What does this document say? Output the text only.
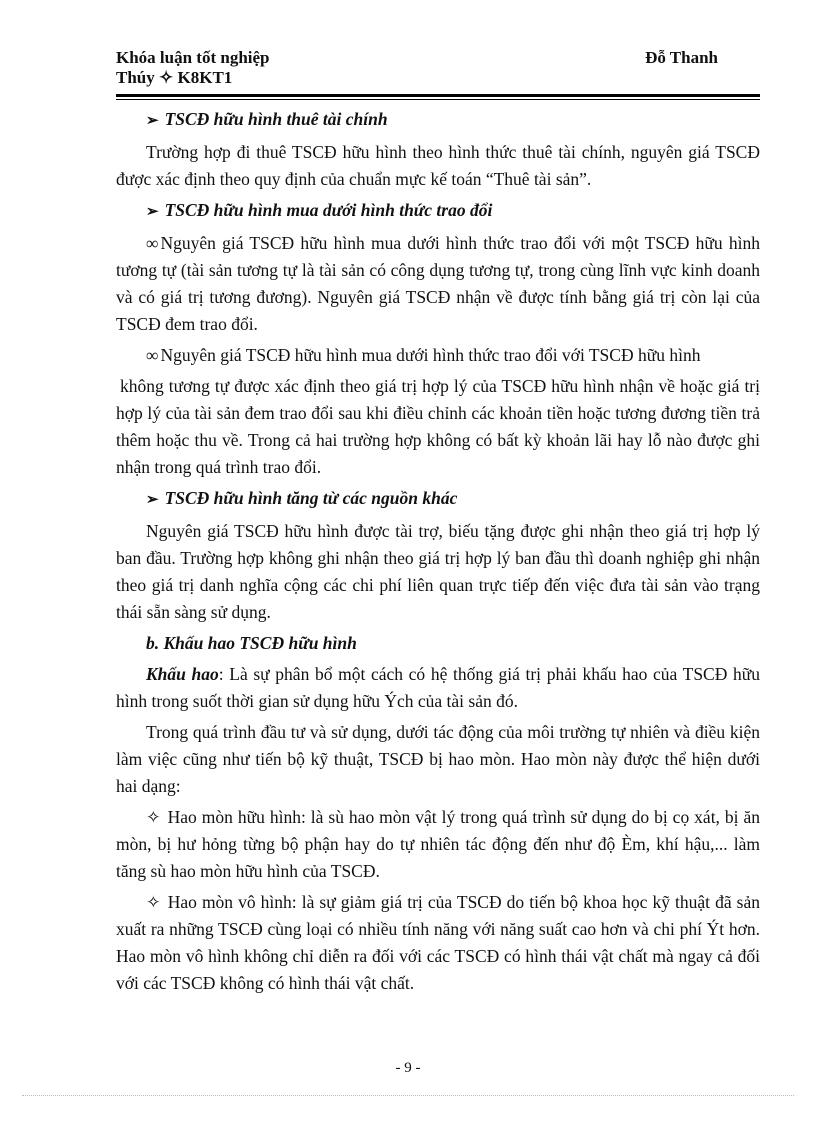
Khóa luận tốt nghiệp	Đỗ Thanh
Thúy ✧ K8KT1

➢ TSCĐ hữu hình thuê tài chính

Trường hợp đi thuê TSCĐ hữu hình theo hình thức thuê tài chính, nguyên giá TSCĐ được xác định theo quy định của chuẩn mực kế toán “Thuê tài sản”.

➢ TSCĐ hữu hình mua dưới hình thức trao đổi

∞ Nguyên giá TSCĐ hữu hình mua dưới hình thức trao đổi với một TSCĐ hữu hình tương tự (tài sản tương tự là tài sản có công dụng tương tự, trong cùng lĩnh vực kinh doanh và có giá trị tương đương). Nguyên giá TSCĐ nhận về được tính bằng giá trị còn lại của TSCĐ đem trao đổi.

∞ Nguyên giá TSCĐ hữu hình mua dưới hình thức trao đổi với TSCĐ hữu hình

không tương tự được xác định theo giá trị hợp lý của TSCĐ hữu hình nhận về hoặc giá trị hợp lý của tài sản đem trao đổi sau khi điều chỉnh các khoản tiền hoặc tương đương tiền trả thêm hoặc thu về. Trong cả hai trường hợp không có bất kỳ khoản lãi hay lỗ nào được ghi nhận trong quá trình trao đổi.

➢ TSCĐ hữu hình tăng từ các nguồn khác

Nguyên giá TSCĐ hữu hình được tài trợ, biếu tặng được ghi nhận theo giá trị hợp lý ban đầu. Trường hợp không ghi nhận theo giá trị hợp lý ban đầu thì doanh nghiệp ghi nhận theo giá trị danh nghĩa cộng các chi phí liên quan trực tiếp đến việc đưa tài sản vào trạng thái sẵn sàng sử dụng.

b. Khấu hao TSCĐ hữu hình

Khấu hao: Là sự phân bổ một cách có hệ thống giá trị phải khấu hao của TSCĐ hữu hình trong suốt thời gian sử dụng hữu Ých của tài sản đó.

Trong quá trình đầu tư và sử dụng, dưới tác động của môi trường tự nhiên và điều kiện làm việc cũng như tiến bộ kỹ thuật, TSCĐ bị hao mòn. Hao mòn này được thể hiện dưới hai dạng:

✧ Hao mòn hữu hình: là sù hao mòn vật lý trong quá trình sử dụng do bị cọ xát, bị ăn mòn, bị hư hỏng từng bộ phận hay do tự nhiên tác động đến như độ Èm, khí hậu,... làm tăng sù hao mòn hữu hình của TSCĐ.

✧ Hao mòn vô hình: là sự giảm giá trị của TSCĐ do tiến bộ khoa học kỹ thuật đã sản xuất ra những TSCĐ cùng loại có nhiều tính năng với năng suất cao hơn và chi phí Ýt hơn. Hao mòn vô hình không chỉ diễn ra đối với các TSCĐ có hình thái vật chất mà ngay cả đối với các TSCĐ không có hình thái vật chất.

- 9 -
